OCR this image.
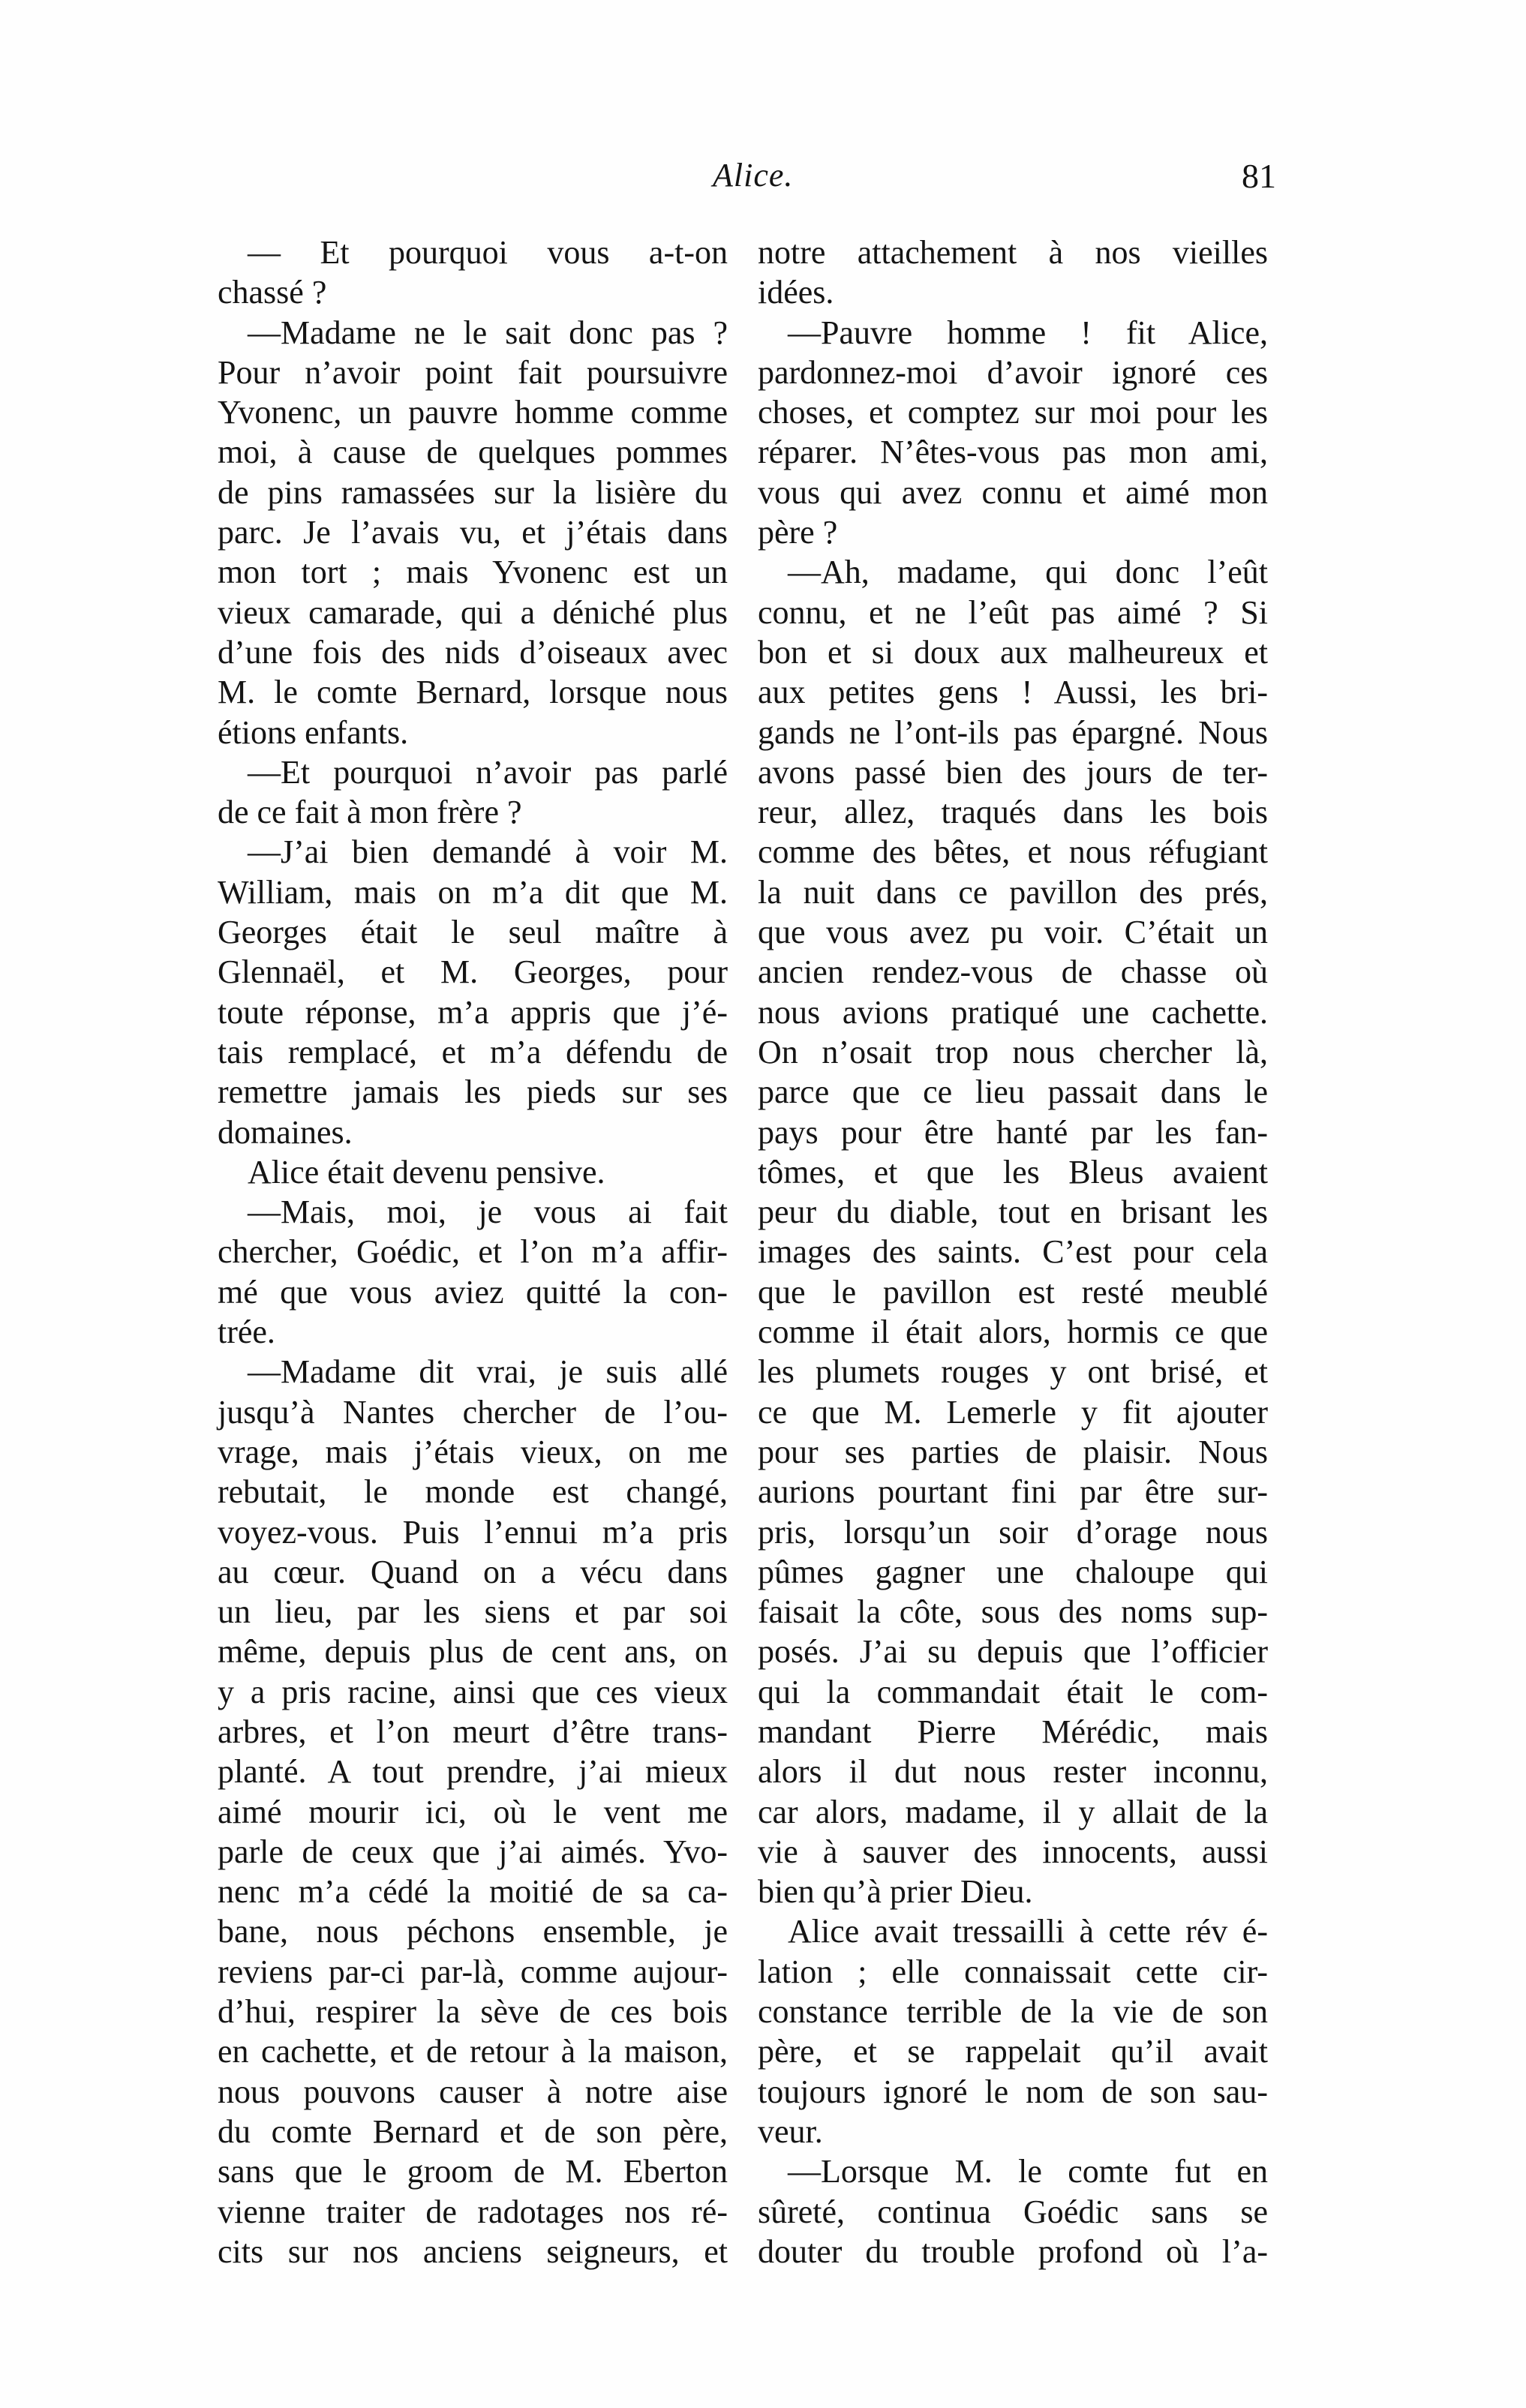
Alice.	81
— Et pourquoi vous a-t-on
chassé ?
—Madame ne le sait donc pas ?
Pour n’avoir point fait poursuivre
Yvonenc, un pauvre homme comme
moi, à cause de quelques pommes
de pins ramassées sur la lisière du
parc. Je l’avais vu, et j’étais dans
mon tort ; mais Yvonenc est un
vieux camarade, qui a déniché plus
d’une fois des nids d’oiseaux avec
M. le comte Bernard, lorsque nous
étions enfants.
—Et pourquoi n’avoir pas parlé
de ce fait à mon frère ?
—J’ai bien demandé à voir M.
William, mais on m’a dit que M.
Georges était le seul maître à
Glennaël, et M. Georges, pour
toute réponse, m’a appris que j’é-
tais remplacé, et m’a défendu de
remettre jamais les pieds sur ses
domaines.
Alice était devenu pensive.
—Mais, moi, je vous ai fait
chercher, Goédic, et l’on m’a affir-
mé que vous aviez quitté la con-
trée.
—Madame dit vrai, je suis allé
jusqu’à Nantes chercher de l’ou-
vrage, mais j’étais vieux, on me
rebutait, le monde est changé,
voyez-vous. Puis l’ennui m’a pris
au cœur. Quand on a vécu dans
un lieu, par les siens et par soi
même, depuis plus de cent ans, on
y a pris racine, ainsi que ces vieux
arbres, et l’on meurt d’être trans-
planté. A tout prendre, j’ai mieux
aimé mourir ici, où le vent me
parle de ceux que j’ai aimés. Yvo-
nenc m’a cédé la moitié de sa ca-
bane, nous péchons ensemble, je
reviens par-ci par-là, comme aujour-
d’hui, respirer la sève de ces bois
en cachette, et de retour à la maison,
nous pouvons causer à notre aise
du comte Bernard et de son père,
sans que le groom de M. Eberton
vienne traiter de radotages nos ré-
cits sur nos anciens seigneurs, et
notre attachement à nos vieilles
idées.
—Pauvre homme ! fit Alice,
pardonnez-moi d’avoir ignoré ces
choses, et comptez sur moi pour les
réparer. N’êtes-vous pas mon ami,
vous qui avez connu et aimé mon
père ?
—Ah, madame, qui donc l’eût
connu, et ne l’eût pas aimé ? Si
bon et si doux aux malheureux et
aux petites gens ! Aussi, les bri-
gands ne l’ont-ils pas épargné. Nous
avons passé bien des jours de ter-
reur, allez, traqués dans les bois
comme des bêtes, et nous réfugiant
la nuit dans ce pavillon des prés,
que vous avez pu voir. C’était un
ancien rendez-vous de chasse où
nous avions pratiqué une cachette.
On n’osait trop nous chercher là,
parce que ce lieu passait dans le
pays pour être hanté par les fan-
tômes, et que les Bleus avaient
peur du diable, tout en brisant les
images des saints. C’est pour cela
que le pavillon est resté meublé
comme il était alors, hormis ce que
les plumets rouges y ont brisé, et
ce que M. Lemerle y fit ajouter
pour ses parties de plaisir. Nous
aurions pourtant fini par être sur-
pris, lorsqu’un soir d’orage nous
pûmes gagner une chaloupe qui
faisait la côte, sous des noms sup-
posés. J’ai su depuis que l’officier
qui la commandait était le com-
mandant Pierre Mérédic, mais
alors il dut nous rester inconnu,
car alors, madame, il y allait de la
vie à sauver des innocents, aussi
bien qu’à prier Dieu.
Alice avait tressailli à cette rév é-
lation ; elle connaissait cette cir-
constance terrible de la vie de son
père, et se rappelait qu’il avait
toujours ignoré le nom de son sau-
veur.
—Lorsque M. le comte fut en
sûreté, continua Goédic sans se
douter du trouble profond où l’a-
